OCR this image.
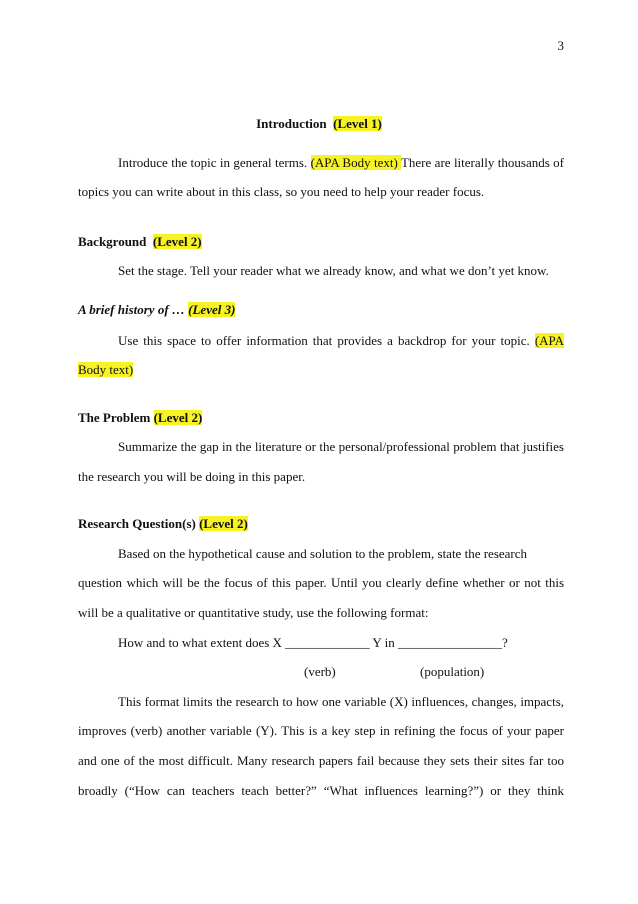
3
Introduction (Level 1)
Introduce the topic in general terms. (APA Body text) There are literally thousands of
topics you can write about in this class, so you need to help your reader focus.
Background (Level 2)
Set the stage. Tell your reader what we already know, and what we don’t yet know.
A brief history of … (Level 3)
Use this space to offer information that provides a backdrop for your topic. (APA
Body text)
The Problem (Level 2)
Summarize the gap in the literature or the personal/professional problem that justifies
the research you will be doing in this paper.
Research Question(s) (Level 2)
Based on the hypothetical cause and solution to the problem, state the research
question which will be the focus of this paper. Until you clearly define whether or not this
will be a qualitative or quantitative study, use the following format:
How and to what extent does X _____________ Y in ________________?
(verb)	(population)
This format limits the research to how one variable (X) influences, changes, impacts,
improves (verb) another variable (Y). This is a key step in refining the focus of your paper
and one of the most difficult. Many research papers fail because they sets their sites far too
broadly (“How can teachers teach better?” “What influences learning?”) or they think
